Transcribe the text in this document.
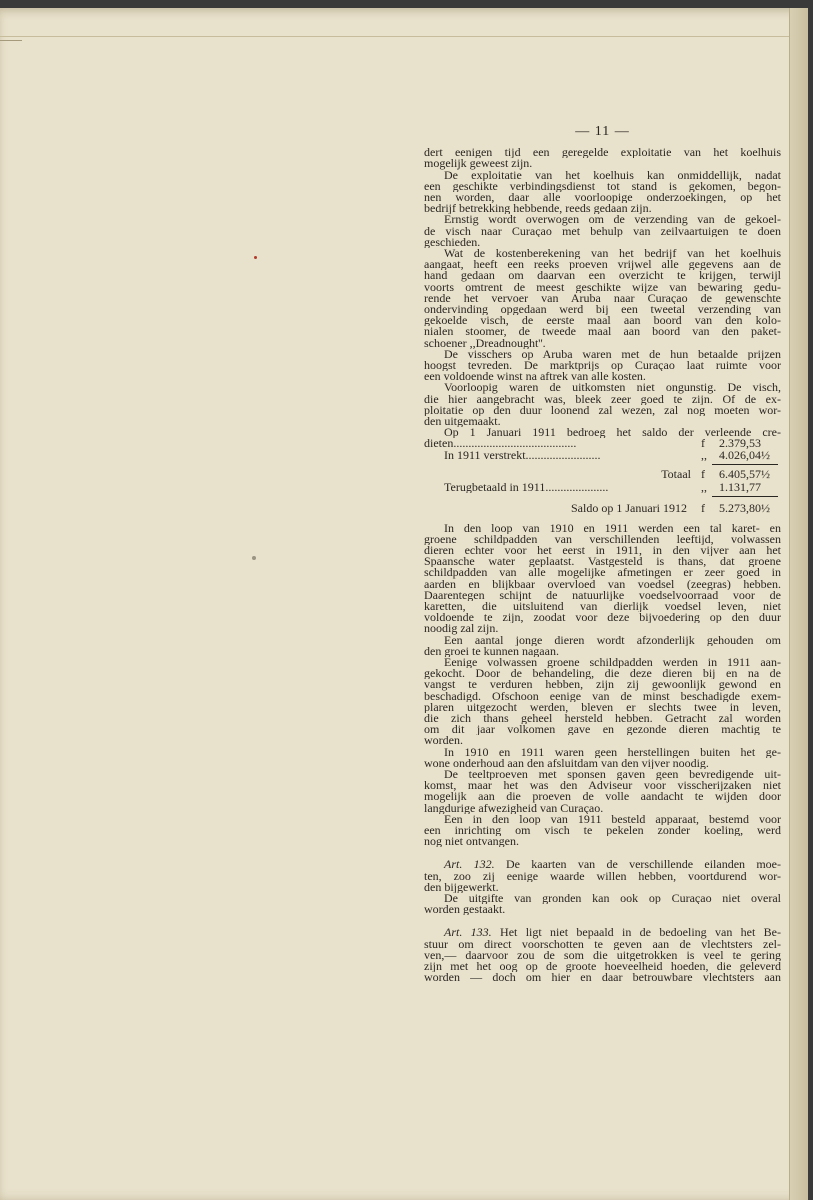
— 11 —
dert eenigen tijd een geregelde exploitatie van het koelhuis
mogelijk geweest zijn.
De exploitatie van het koelhuis kan onmiddellijk, nadat
een geschikte verbindingsdienst tot stand is gekomen, begon-
nen worden, daar alle voorloopige onderzoekingen, op het
bedrijf betrekking hebbende, reeds gedaan zijn.
Ernstig wordt overwogen om de verzending van de gekoel-
de visch naar Curaçao met behulp van zeilvaartuigen te doen
geschieden.
Wat de kostenberekening van het bedrijf van het koelhuis
aangaat, heeft een reeks proeven vrijwel alle gegevens aan de
hand gedaan om daarvan een overzicht te krijgen, terwijl
voorts omtrent de meest geschikte wijze van bewaring gedu-
rende het vervoer van Aruba naar Curaçao de gewenschte
ondervinding opgedaan werd bij een tweetal verzending van
gekoelde visch, de eerste maal aan boord van den kolo-
nialen stoomer, de tweede maal aan boord van den paket-
schoener ,,Dreadnought''.
De visschers op Aruba waren met de hun betaalde prijzen
hoogst tevreden. De marktprijs op Curaçao laat ruimte voor
een voldoende winst na aftrek van alle kosten.
Voorloopig waren de uitkomsten niet ongunstig. De visch,
die hier aangebracht was, bleek zeer goed te zijn. Of de ex-
ploitatie op den duur loonend zal wezen, zal nog moeten wor-
den uitgemaakt.
Op 1 Januari 1911 bedroeg het saldo der verleende cre-
dieten.........................................	f	2.379,53
In 1911 verstrekt.........................	,,	4.026,04½
Totaal f	6.405,57½
Terugbetaald in 1911.....................	,,	1.131,77
Saldo op 1 Januari 1912 f	5.273,80½
In den loop van 1910 en 1911 werden een tal karet- en
groene schildpadden van verschillenden leeftijd, volwassen
dieren echter voor het eerst in 1911, in den vijver aan het
Spaansche water geplaatst. Vastgesteld is thans, dat groene
schildpadden van alle mogelijke afmetingen er zeer goed in
aarden en blijkbaar overvloed van voedsel (zeegras) hebben.
Daarentegen schijnt de natuurlijke voedselvoorraad voor de
karetten, die uitsluitend van dierlijk voedsel leven, niet
voldoende te zijn, zoodat voor deze bijvoedering op den duur
noodig zal zijn.
Een aantal jonge dieren wordt afzonderlijk gehouden om
den groei te kunnen nagaan.
Eenige volwassen groene schildpadden werden in 1911 aan-
gekocht. Door de behandeling, die deze dieren bij en na de
vangst te verduren hebben, zijn zij gewoonlijk gewond en
beschadigd. Ofschoon eenige van de minst beschadigde exem-
plaren uitgezocht werden, bleven er slechts twee in leven,
die zich thans geheel hersteld hebben. Getracht zal worden
om dit jaar volkomen gave en gezonde dieren machtig te
worden.
In 1910 en 1911 waren geen herstellingen buiten het ge-
wone onderhoud aan den afsluitdam van den vijver noodig.
De teeltproeven met sponsen gaven geen bevredigende uit-
komst, maar het was den Adviseur voor visscherijzaken niet
mogelijk aan die proeven de volle aandacht te wijden door
langdurige afwezigheid van Curaçao.
Een in den loop van 1911 besteld apparaat, bestemd voor
een inrichting om visch te pekelen zonder koeling, werd
nog niet ontvangen.
Art. 132. De kaarten van de verschillende eilanden moe-
ten, zoo zij eenige waarde willen hebben, voortdurend wor-
den bijgewerkt.
De uitgifte van gronden kan ook op Curaçao niet overal
worden gestaakt.
Art. 133. Het ligt niet bepaald in de bedoeling van het Be-
stuur om direct voorschotten te geven aan de vlechtsters zel-
ven,— daarvoor zou de som die uitgetrokken is veel te gering
zijn met het oog op de groote hoeveelheid hoeden, die geleverd
worden — doch om hier en daar betrouwbare vlechtsters aan
